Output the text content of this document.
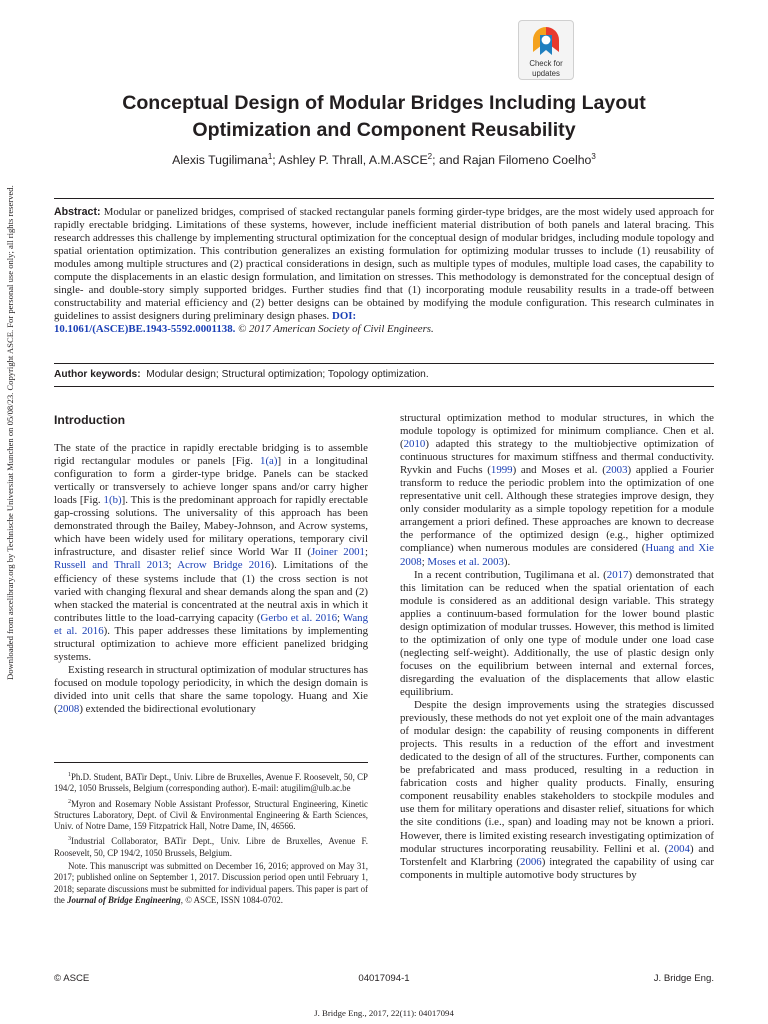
Downloaded from ascelibrary.org by Technische Universitat Munchen on 05/08/23. Copyright ASCE. For personal use only; all rights reserved.
Check for
updates
Conceptual Design of Modular Bridges Including Layout
Optimization and Component Reusability
Alexis Tugilimana$^1$; Ashley P. Thrall, A.M.ASCE$^2$; and Rajan Filomeno Coelho$^3$
Abstract: Modular or panelized bridges, comprised of stacked rectangular panels forming girder-type bridges, are the most widely used approach for rapidly erectable bridging. Limitations of these systems, however, include inefficient material distribution of both panels and lateral bracing. This research addresses this challenge by implementing structural optimization for the conceptual design of modular bridges, including module topology and spatial orientation optimization. This contribution generalizes an existing formulation for optimizing modular trusses to include (1) reusability of modules among multiple structures and (2) practical considerations in design, such as multiple types of modules, multiple load cases, the capability to compute the displacements in an elastic design formulation, and limitation on stresses. This methodology is demonstrated for the conceptual design of single- and double-story simply supported bridges. Further studies find that (1) incorporating module reusability results in a trade-off between constructability and material efficiency and (2) better designs can be obtained by modifying the module configuration. This research culminates in guidelines to assist designers during preliminary design phases. DOI:
10.1061/(ASCE)BE.1943-5592.0001138. © 2017 American Society of Civil Engineers.
Author keywords: Modular design; Structural optimization; Topology optimization.
Introduction

The state of the practice in rapidly erectable bridging is to assemble rigid rectangular modules or panels [Fig. 1(a)] in a longitudinal configuration to form a girder-type bridge. Panels can be stacked vertically or transversely to achieve longer spans and/or carry higher loads [Fig. 1(b)]. This is the predominant approach for rapidly erectable gap-crossing solutions. The universality of this approach has been demonstrated through the Bailey, Mabey-Johnson, and Acrow systems, which have been widely used for military operations, temporary civil infrastructure, and disaster relief since World War II (Joiner 2001; Russell and Thrall 2013; Acrow Bridge 2016). Limitations of the efficiency of these systems include that (1) the cross section is not varied with changing flexural and shear demands along the span and (2) when stacked the material is concentrated at the neutral axis in which it contributes little to the load-carrying capacity (Gerbo et al. 2016; Wang et al. 2016). This paper addresses these limitations by implementing structural optimization to achieve more efficient panelized bridging systems.

Existing research in structural optimization of modular structures has focused on module topology periodicity, in which the design domain is divided into unit cells that share the same topology. Huang and Xie (2008) extended the bidirectional evolutionary

structural optimization method to modular structures, in which the module topology is optimized for minimum compliance. Chen et al. (2010) adapted this strategy to the multiobjective optimization of continuous structures for maximum stiffness and thermal conductivity. Ryvkin and Fuchs (1999) and Moses et al. (2003) applied a Fourier transform to reduce the periodic problem into the optimization of one representative unit cell. Although these strategies improve design, they only consider modularity as a simple topology repetition for a module arrangement a priori defined. These approaches are known to decrease the performance of the optimized design (e.g., higher optimized compliance) when numerous modules are considered (Huang and Xie 2008; Moses et al. 2003).

In a recent contribution, Tugilimana et al. (2017) demonstrated that this limitation can be reduced when the spatial orientation of each module is considered as an additional design variable. This strategy applies a continuum-based formulation for the lower bound plastic design optimization of modular trusses. However, this method is limited to the optimization of only one type of module under one load case (neglecting self-weight). Additionally, the use of plastic design only focuses on the equilibrium between internal and external forces, disregarding the evaluation of the displacements that allow elastic equilibrium.

Despite the design improvements using the strategies discussed previously, these methods do not yet exploit one of the main advantages of modular design: the capability of reusing components in different projects. This results in a reduction of the effort and investment dedicated to the design of all of the structures. Further, components can be prefabricated and mass produced, resulting in a reduction in fabrication costs and higher quality products. Finally, ensuring component reusability enables stakeholders to stockpile modules and use them for military operations and disaster relief, situations for which the site conditions (i.e., span) and loading may not be known a priori. However, there is limited existing research investigating optimization of modular structures incorporating reusability. Fellini et al. (2004) and Torstenfelt and Klarbring (2006) integrated the capability of using car components in multiple automotive body structures by

$^1$Ph.D. Student, BATir Dept., Univ. Libre de Bruxelles, Avenue F. Roosevelt, 50, CP 194/2, 1050 Brussels, Belgium (corresponding author). E-mail: atugilim@ulb.ac.be

$^2$Myron and Rosemary Noble Assistant Professor, Structural Engineering, Kinetic Structures Laboratory, Dept. of Civil & Environmental Engineering & Earth Sciences, Univ. of Notre Dame, 159 Fitzpatrick Hall, Notre Dame, IN, 46566.

$^3$Industrial Collaborator, BATir Dept., Univ. Libre de Bruxelles, Avenue F. Roosevelt, 50, CP 194/2, 1050 Brussels, Belgium.

Note. This manuscript was submitted on December 16, 2016; approved on May 31, 2017; published online on September 1, 2017. Discussion period open until February 1, 2018; separate discussions must be submitted for individual papers. This paper is part of the Journal of Bridge Engineering, © ASCE, ISSN 1084-0702.

© ASCE	04017094-1	J. Bridge Eng.
J. Bridge Eng., 2017, 22(11): 04017094
